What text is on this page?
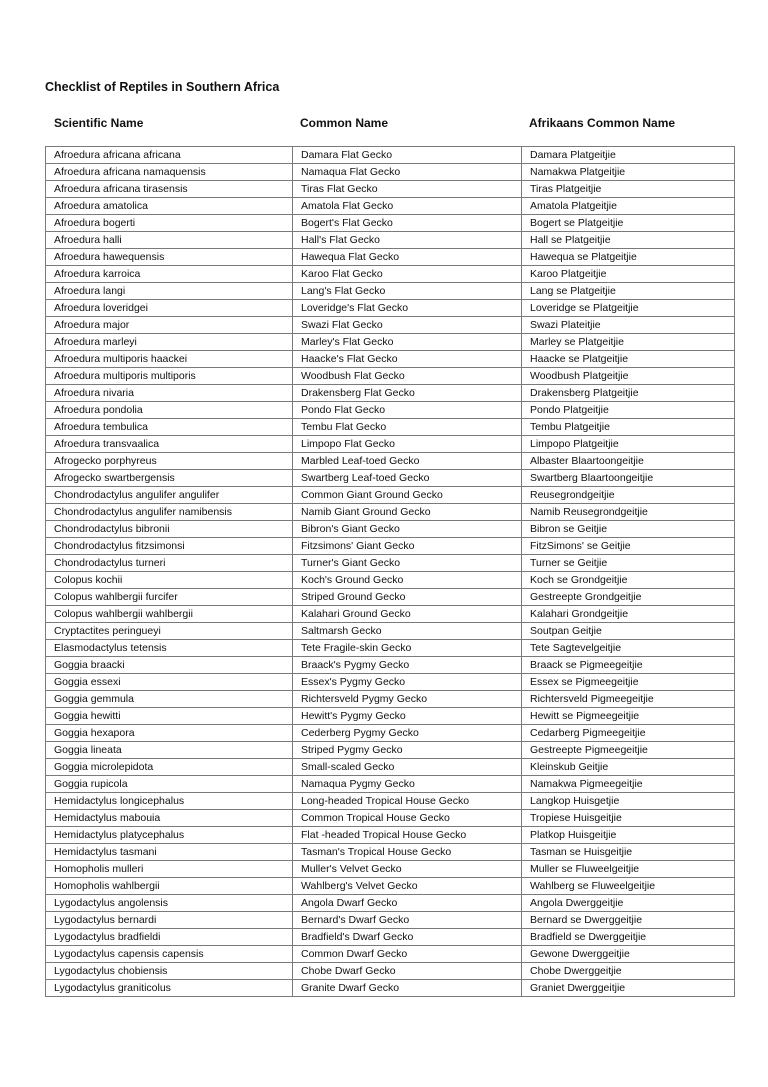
Checklist of Reptiles in Southern Africa
Scientific Name	Common Name	Afrikaans Common Name
Afroedura africana africana	Damara Flat Gecko	Damara Platgeitjie
Afroedura africana namaquensis	Namaqua Flat Gecko	Namakwa Platgeitjie
Afroedura africana tirasensis	Tiras Flat Gecko	Tiras Platgeitjie
Afroedura amatolica	Amatola Flat Gecko	Amatola Platgeitjie
Afroedura bogerti	Bogert's Flat Gecko	Bogert se Platgeitjie
Afroedura halli	Hall's Flat Gecko	Hall se Platgeitjie
Afroedura hawequensis	Hawequa Flat Gecko	Hawequa se Platgeitjie
Afroedura karroica	Karoo Flat Gecko	Karoo Platgeitjie
Afroedura langi	Lang's Flat Gecko	Lang se Platgeitjie
Afroedura loveridgei	Loveridge's Flat Gecko	Loveridge se Platgeitjie
Afroedura major	Swazi Flat Gecko	Swazi Plateitjie
Afroedura marleyi	Marley's Flat Gecko	Marley se Platgeitjie
Afroedura multiporis haackei	Haacke's Flat Gecko	Haacke se Platgeitjie
Afroedura multiporis multiporis	Woodbush Flat Gecko	Woodbush Platgeitjie
Afroedura nivaria	Drakensberg Flat Gecko	Drakensberg Platgeitjie
Afroedura pondolia	Pondo Flat Gecko	Pondo Platgeitjie
Afroedura tembulica	Tembu Flat Gecko	Tembu Platgeitjie
Afroedura transvaalica	Limpopo Flat Gecko	Limpopo Platgeitjie
Afrogecko porphyreus	Marbled Leaf-toed Gecko	Albaster Blaartoongeitjie
Afrogecko swartbergensis	Swartberg Leaf-toed Gecko	Swartberg Blaartoongeitjie
Chondrodactylus angulifer angulifer	Common Giant Ground Gecko	Reusegrondgeitjie
Chondrodactylus angulifer namibensis	Namib Giant Ground Gecko	Namib Reusegrondgeitjie
Chondrodactylus bibronii	Bibron's Giant Gecko	Bibron se Geitjie
Chondrodactylus fitzsimonsi	Fitzsimons' Giant Gecko	FitzSimons' se Geitjie
Chondrodactylus turneri	Turner's Giant Gecko	Turner se Geitjie
Colopus kochii	Koch's Ground Gecko	Koch se Grondgeitjie
Colopus wahlbergii furcifer	Striped Ground Gecko	Gestreepte Grondgeitjie
Colopus wahlbergii wahlbergii	Kalahari Ground Gecko	Kalahari Grondgeitjie
Cryptactites peringueyi	Saltmarsh Gecko	Soutpan Geitjie
Elasmodactylus tetensis	Tete Fragile-skin Gecko	Tete Sagtevelgeitjie
Goggia braacki	Braack's Pygmy Gecko	Braack se Pigmeegeitjie
Goggia essexi	Essex's Pygmy Gecko	Essex se Pigmeegeitjie
Goggia gemmula	Richtersveld Pygmy Gecko	Richtersveld Pigmeegeitjie
Goggia hewitti	Hewitt's Pygmy Gecko	Hewitt se Pigmeegeitjie
Goggia hexapora	Cederberg Pygmy Gecko	Cedarberg Pigmeegeitjie
Goggia lineata	Striped Pygmy Gecko	Gestreepte Pigmeegeitjie
Goggia microlepidota	Small-scaled Gecko	Kleinskub Geitjie
Goggia rupicola	Namaqua Pygmy Gecko	Namakwa Pigmeegeitjie
Hemidactylus longicephalus	Long-headed Tropical House Gecko	Langkop Huisgetjie
Hemidactylus mabouia	Common Tropical House Gecko	Tropiese Huisgeitjie
Hemidactylus platycephalus	Flat -headed Tropical House Gecko	Platkop Huisgeitjie
Hemidactylus tasmani	Tasman's Tropical House Gecko	Tasman se Huisgeitjie
Homopholis mulleri	Muller's Velvet Gecko	Muller se Fluweelgeitjie
Homopholis wahlbergii	Wahlberg's Velvet Gecko	Wahlberg se Fluweelgeitjie
Lygodactylus angolensis	Angola Dwarf Gecko	Angola Dwerggeitjie
Lygodactylus bernardi	Bernard's Dwarf Gecko	Bernard se Dwerggeitjie
Lygodactylus bradfieldi	Bradfield's Dwarf Gecko	Bradfield se Dwerggeitjie
Lygodactylus capensis capensis	Common Dwarf Gecko	Gewone Dwerggeitjie
Lygodactylus chobiensis	Chobe Dwarf Gecko	Chobe Dwerggeitjie
Lygodactylus graniticolus	Granite Dwarf Gecko	Graniet Dwerggeitjie
